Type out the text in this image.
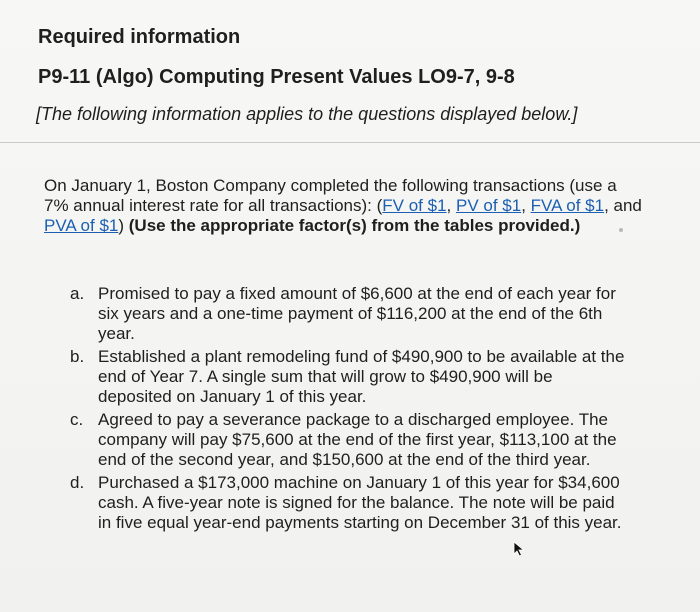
Required information
P9-11 (Algo) Computing Present Values LO9-7, 9-8
[The following information applies to the questions displayed below.]
On January 1, Boston Company completed the following transactions (use a 7% annual interest rate for all transactions): (FV of $1, PV of $1, FVA of $1, and PVA of $1) (Use the appropriate factor(s) from the tables provided.)
a. Promised to pay a fixed amount of $6,600 at the end of each year for six years and a one-time payment of $116,200 at the end of the 6th year.
b. Established a plant remodeling fund of $490,900 to be available at the end of Year 7. A single sum that will grow to $490,900 will be deposited on January 1 of this year.
c. Agreed to pay a severance package to a discharged employee. The company will pay $75,600 at the end of the first year, $113,100 at the end of the second year, and $150,600 at the end of the third year.
d. Purchased a $173,000 machine on January 1 of this year for $34,600 cash. A five-year note is signed for the balance. The note will be paid in five equal year-end payments starting on December 31 of this year.
